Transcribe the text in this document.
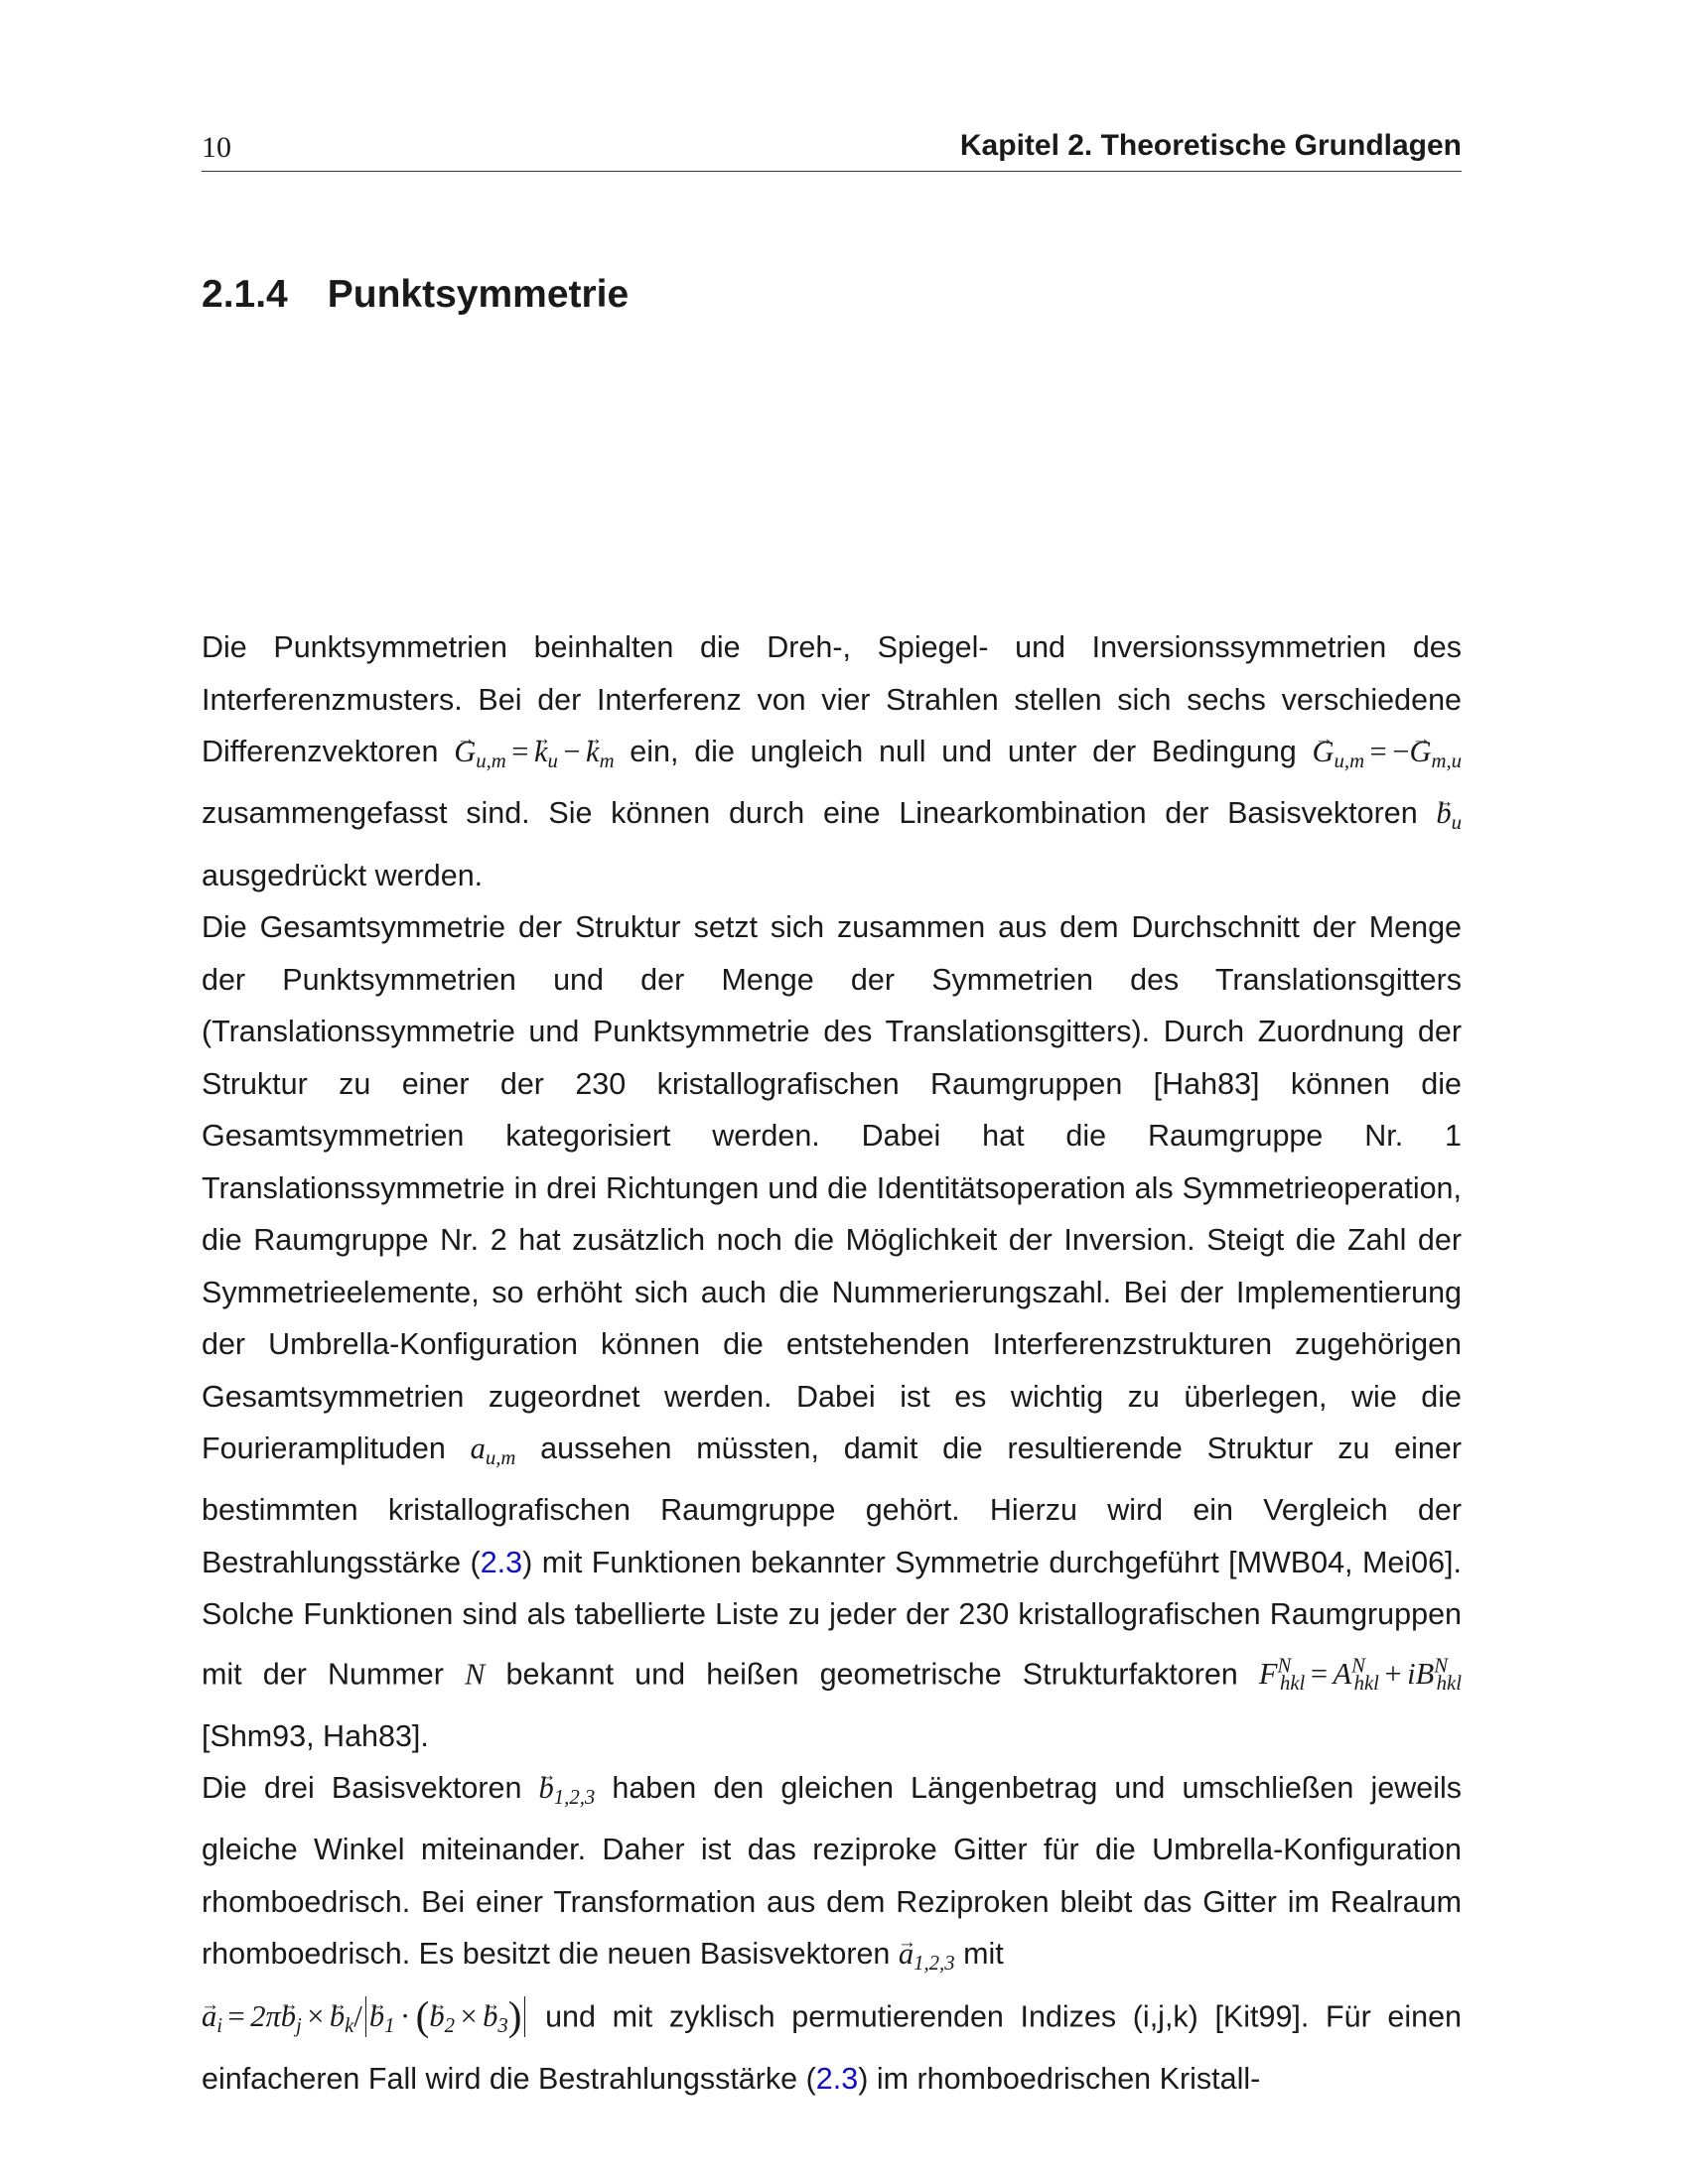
10	Kapitel 2. Theoretische Grundlagen
2.1.4 Punktsymmetrie

Die Punktsymmetrien beinhalten die Dreh-, Spiegel- und Inversionssymmetrien des Interferenzmusters. Bei der Interferenz von vier Strahlen stellen sich sechs verschiedene Differenzvektoren → $G_{u,m} =\to k_u -\to k_m$ ein, die ungleich null und unter der Bedingung → $G_{u,m}$ = −→ $G_{m,u}$ zusammengefasst sind. Sie können durch eine Linearkombination der Basisvektoren → $b_u$ ausgedrückt werden.

Die Gesamtsymmetrie der Struktur setzt sich zusammen aus dem Durchschnitt der Menge der Punktsymmetrien und der Menge der Symmetrien des Translationsgitters (Translationssymmetrie und Punktsymmetrie des Translationsgitters). Durch Zuordnung der Struktur zu einer der 230 kristallografischen Raumgruppen [Hah83] können die Gesamtsymmetrien kategorisiert werden. Dabei hat die Raumgruppe Nr. 1 Translationssymmetrie in drei Richtungen und die Identitätsoperation als Symmetrieoperation, die Raumgruppe Nr. 2 hat zusätzlich noch die Möglichkeit der Inversion. Steigt die Zahl der Symmetrieelemente, so erhöht sich auch die Nummerierungszahl. Bei der Implementierung der Umbrella-Konfiguration können die entstehenden Interferenzstrukturen zugehörigen Gesamtsymmetrien zugeordnet werden. Dabei ist es wichtig zu überlegen, wie die Fourieramplituden $a_{u,m}$ aussehen müssten, damit die resultierende Struktur zu einer bestimmten kristallografischen Raumgruppe gehört. Hierzu wird ein Vergleich der Bestrahlungsstärke (2.3) mit Funktionen bekannter Symmetrie durchgeführt [MWB04, Mei06]. Solche Funktionen sind als tabellierte Liste zu jeder der 230 kristallografischen Raumgruppen mit der Nummer N bekannt und heißen geometrische Strukturfaktoren $F^N_{hkl} = A^N_{hkl} + iB^N_{hkl}$ [Shm93, Hah83].

Die drei Basisvektoren → $b_{1,2,3}$ haben den gleichen Längenbetrag und umschließen jeweils gleiche Winkel miteinander. Daher ist das reziproke Gitter für die Umbrella-Konfiguration rhomboedrisch. Bei einer Transformation aus dem Reziproken bleibt das Gitter im Realraum rhomboedrisch. Es besitzt die neuen Basisvektoren → $a_{1,2,3}$ mit
→ $a_i = 2\pi\to b_j \times\to b_k/\to b_1$ · (→ $b_2 \times\to b_3$) und mit zyklisch permutierenden Indizes (i,j,k) [Kit99]. Für einen einfacheren Fall wird die Bestrahlungsstärke (2.3) im rhomboedrischen Kristall-
